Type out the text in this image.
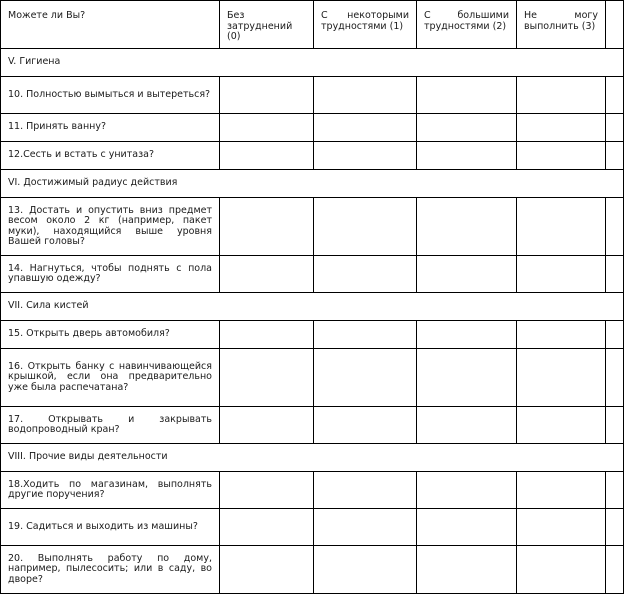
Можете ли Вы?	Без затруднений (0)	С некоторыми трудностями (1)	С большими трудностями (2)	Не могу выполнить (3)	
V. Гигиена					
10. Полностью вымыться и вытереться?					
11. Принять ванну?					
12.Сесть и встать с унитаза?					
VI. Достижимый радиус действия					
13. Достать и опустить вниз предмет весом около 2 кг (например, пакет муки), находящийся выше уровня Вашей головы?					
14. Нагнуться, чтобы поднять с пола упавшую одежду?					
VII. Сила кистей					
15. Открыть дверь автомобиля?					
16. Открыть банку с навинчивающейся крышкой, если она предварительно уже была распечатана?					
17. Открывать и закрывать водопроводный кран?					
VIII. Прочие виды деятельности					
18.Ходить по магазинам, выполнять другие поручения?					
19. Садиться и выходить из машины?					
20. Выполнять работу по дому, например, пылесосить; или в саду, во дворе?					
